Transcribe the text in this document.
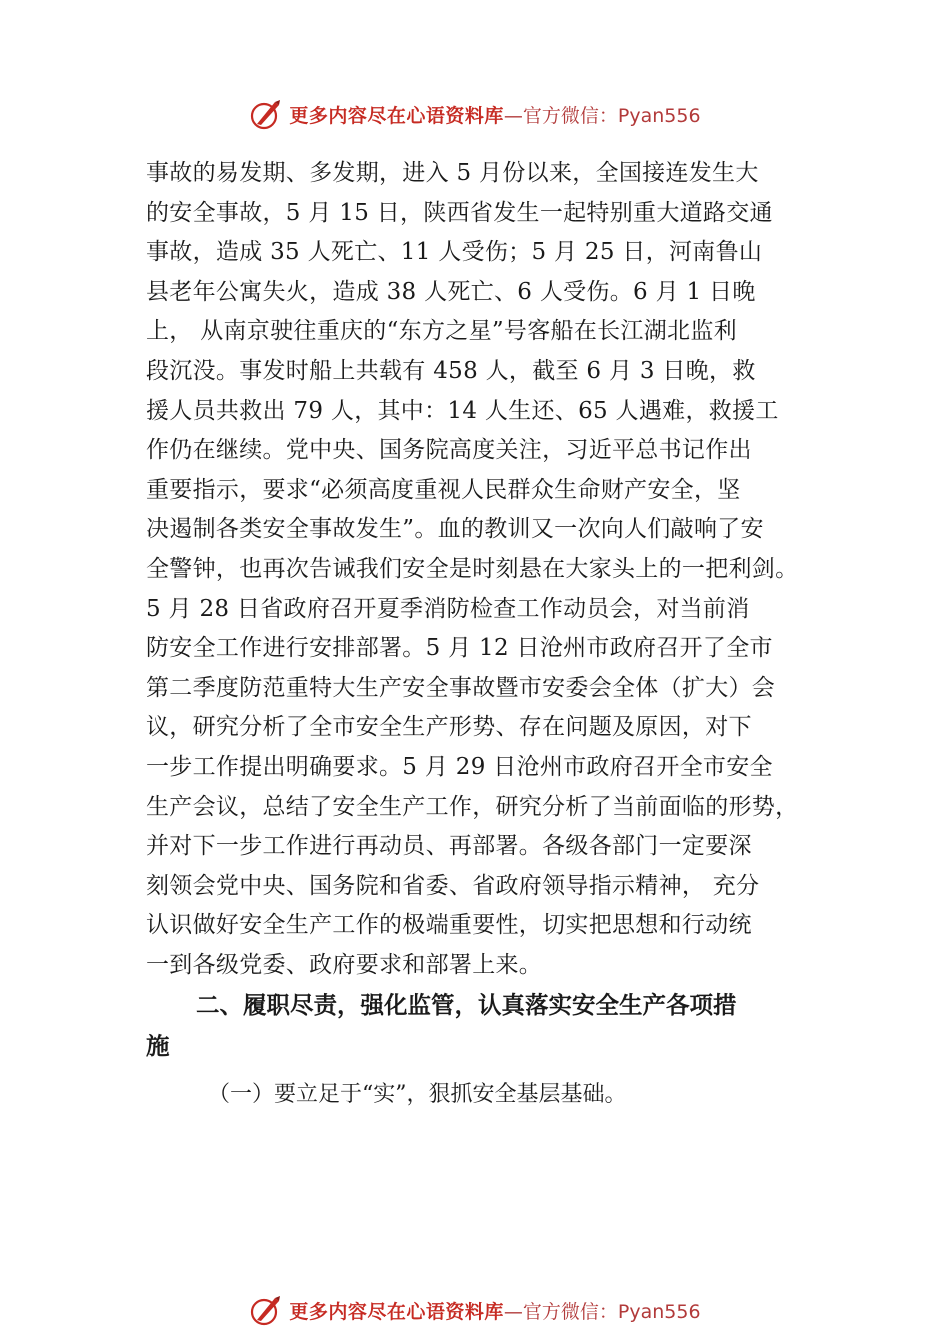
更多内容尽在心语资料库 —官方微信：Pyan556
事故的易发期、多发期，进入 5 月份以来，全国接连发生大
的安全事故，5 月 15 日，陕西省发生一起特别重大道路交通
事故，造成 35 人死亡、11 人受伤；5 月 25 日，河南鲁山
县老年公寓失火，造成 38 人死亡、6 人受伤。6 月 1 日晚
上， 从南京驶往重庆的“东方之星”号客船在长江湖北监利
段沉没。事发时船上共载有 458 人，截至 6 月 3 日晚，救
援人员共救出 79 人，其中：14 人生还、65 人遇难，救援工
作仍在继续。党中央、国务院高度关注，习近平总书记作出
重要指示，要求“必须高度重视人民群众生命财产安全，坚
决遏制各类安全事故发生”。血的教训又一次向人们敲响了安
全警钟，也再次告诫我们安全是时刻悬在大家头上的一把利剑。
5 月 28 日省政府召开夏季消防检查工作动员会，对当前消
防安全工作进行安排部署。5 月 12 日沧州市政府召开了全市
第二季度防范重特大生产安全事故暨市安委会全体（扩大）会
议，研究分析了全市安全生产形势、存在问题及原因，对下
一步工作提出明确要求。5 月 29 日沧州市政府召开全市安全
生产会议，总结了安全生产工作，研究分析了当前面临的形势，
并对下一步工作进行再动员、再部署。各级各部门一定要深
刻领会党中央、国务院和省委、省政府领导指示精神， 充分
认识做好安全生产工作的极端重要性，切实把思想和行动统
一到各级党委、政府要求和部署上来。
二、履职尽责，强化监管，认真落实安全生产各项措
施
（一）要立足于“实”，狠抓安全基层基础。
更多内容尽在心语资料库 —官方微信：Pyan556
